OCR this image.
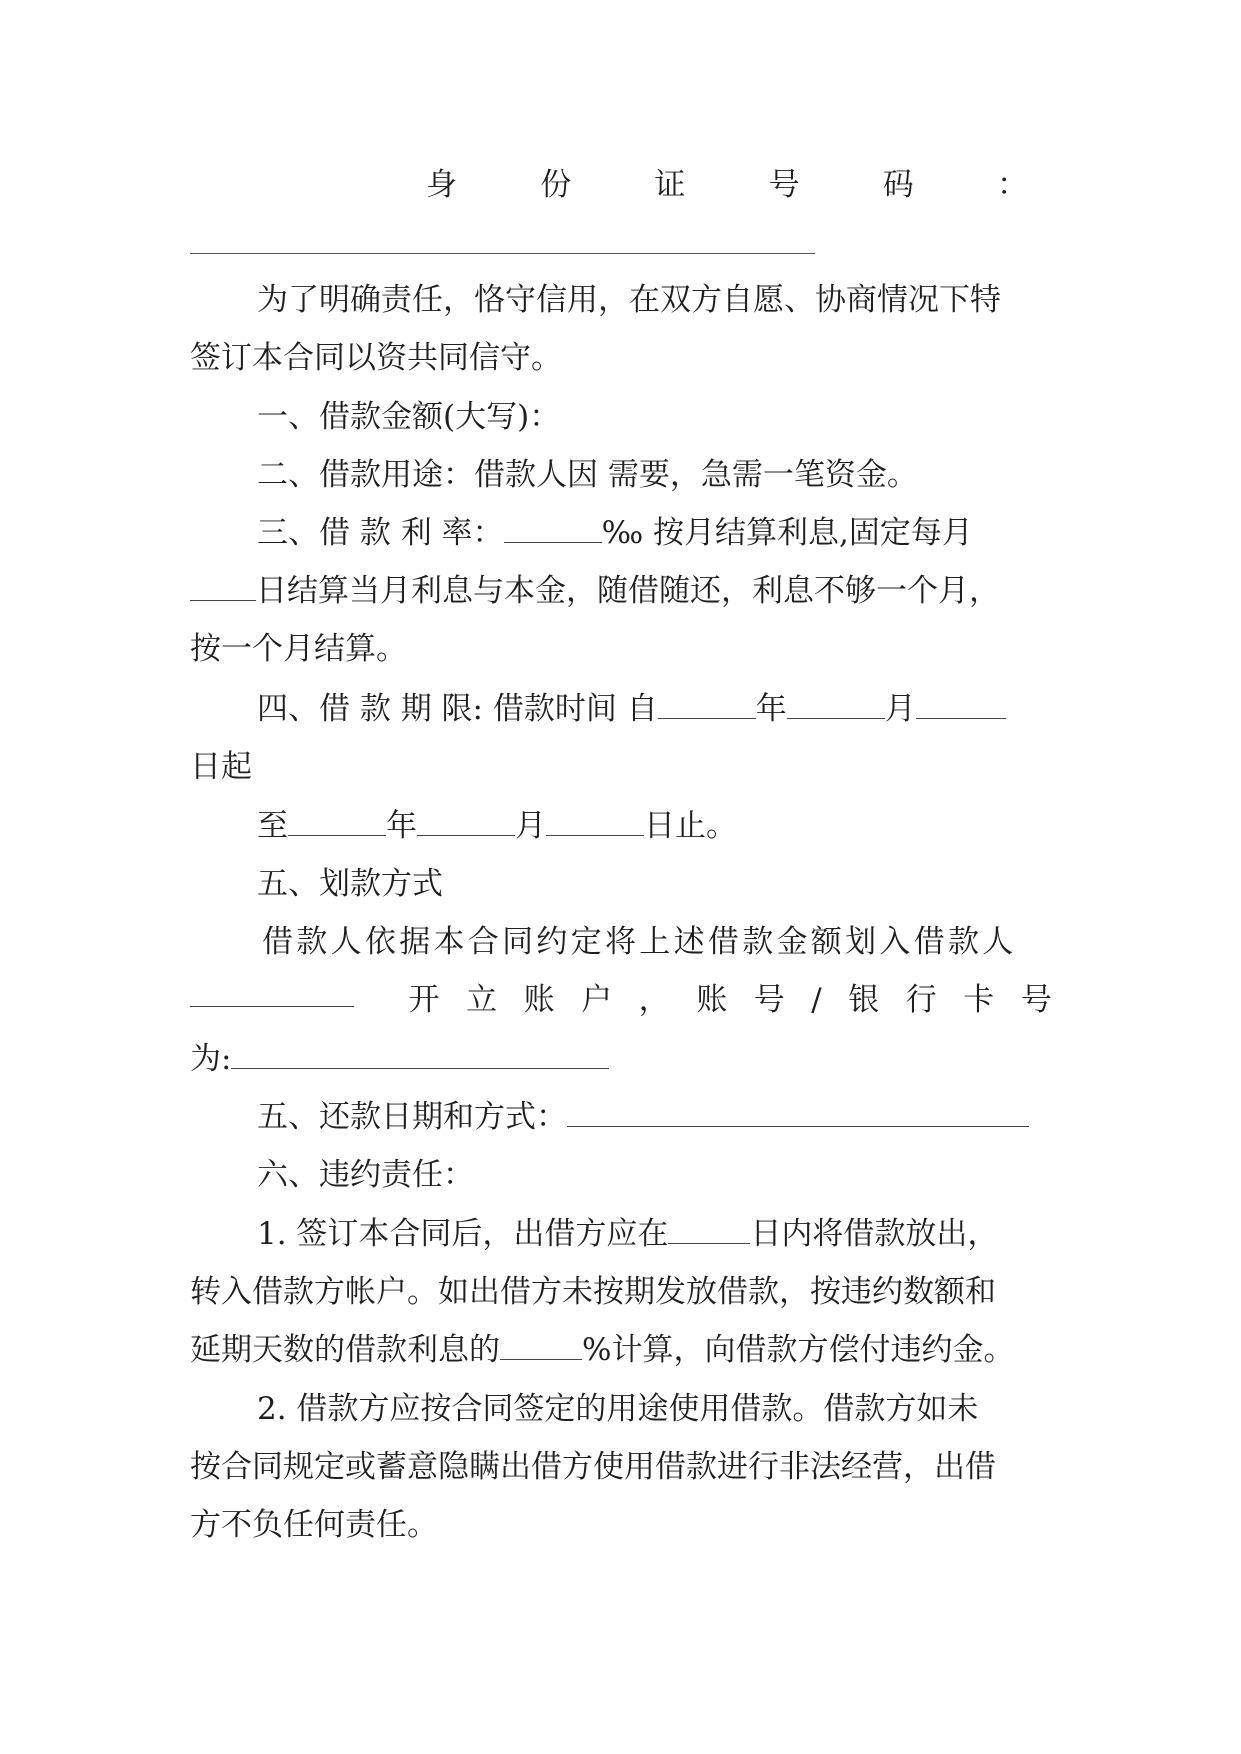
身	份	证	号	码	：

为了明确责任，恪守信用，在双方自愿、协商情况下特

签订本合同以资共同信守。

一、借款金额(大写)：

二、借款用途：借款人因 需要，急需一笔资金。

三、借 款 利 率：	‰ 按月结算利息,固定每月

日结算当月利息与本金，随借随还，利息不够一个月，

按一个月结算。

四、借 款 期 限: 借款时间 自	年	月

日起

至	年	月	日止。

五、划款方式

借款人依据本合同约定将上述借款金额划入借款人
开 立 账 户 ， 账 号 / 银 行 卡 号

为:

五、还款日期和方式：

六、违约责任：

1. 签订本合同后，出借方应在	日内将借款放出，

转入借款方帐户。如出借方未按期发放借款，按违约数额和

延期天数的借款利息的	%计算，向借款方偿付违约金。

2. 借款方应按合同签定的用途使用借款。借款方如未

按合同规定或蓄意隐瞒出借方使用借款进行非法经营，出借

方不负任何责任。
